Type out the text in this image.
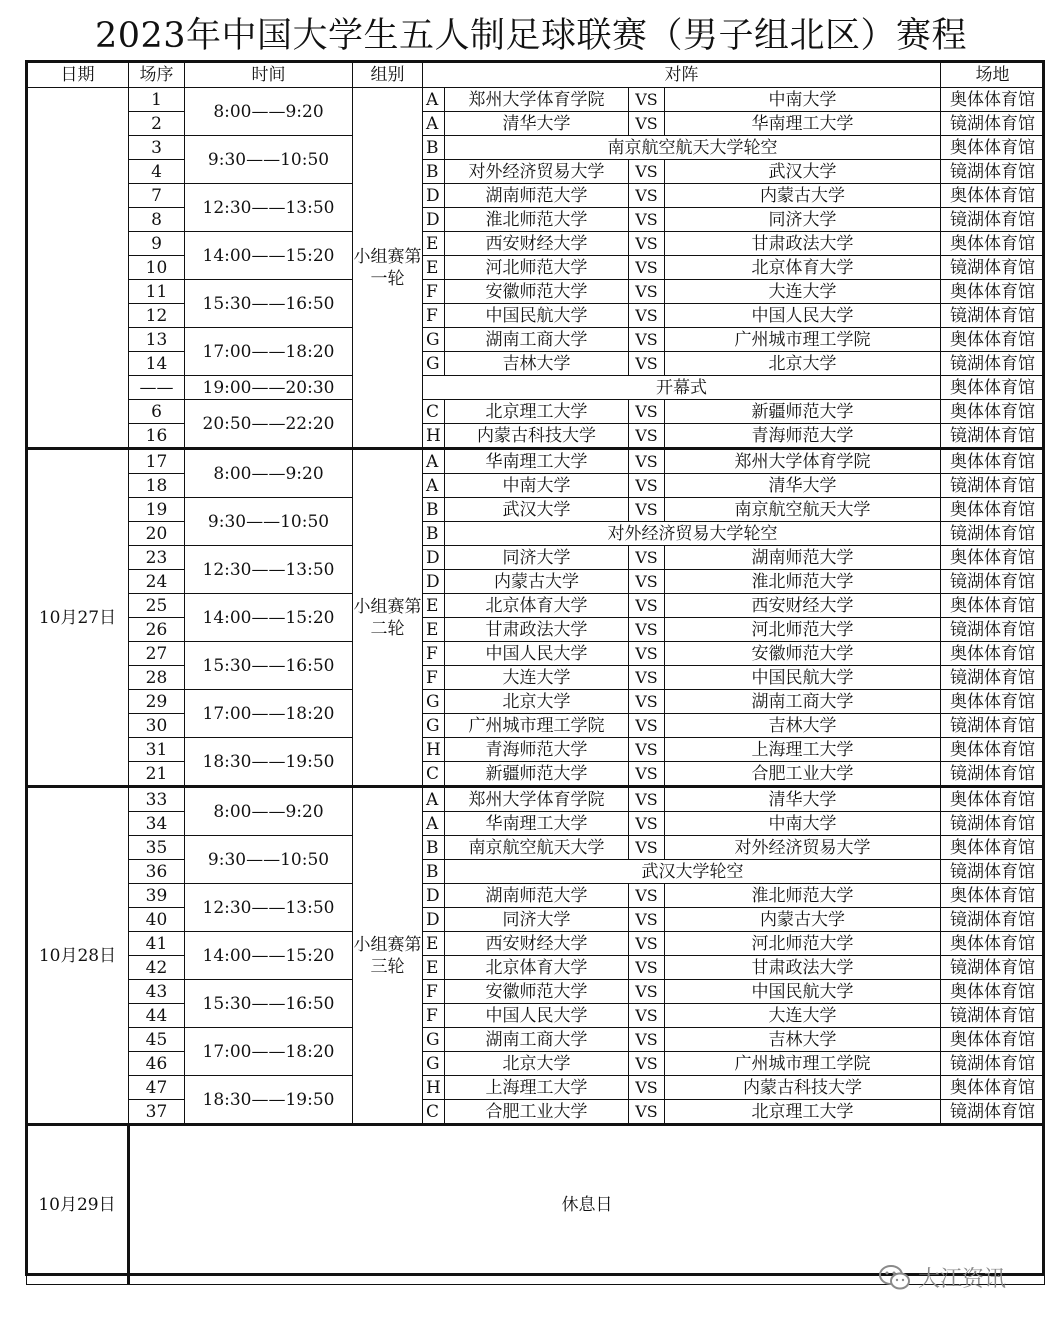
2023年中国大学生五人制足球联赛（男子组北区）赛程
日期	场序	时间	组别	对阵				场地
	1	8:00——9:20	小组赛第一轮	A	郑州大学体育学院	VS	中南大学	奥体体育馆
	2			A	清华大学	VS	华南理工大学	镜湖体育馆
	3	9:30——10:50		B	南京航空航天大学轮空			奥体体育馆
	4			B	对外经济贸易大学	VS	武汉大学	镜湖体育馆
	7	12:30——13:50		D	湖南师范大学	VS	内蒙古大学	奥体体育馆
	8			D	淮北师范大学	VS	同济大学	镜湖体育馆
	9	14:00——15:20		E	西安财经大学	VS	甘肃政法大学	奥体体育馆
	10			E	河北师范大学	VS	北京体育大学	镜湖体育馆
	11	15:30——16:50		F	安徽师范大学	VS	大连大学	奥体体育馆
	12			F	中国民航大学	VS	中国人民大学	镜湖体育馆
	13	17:00——18:20		G	湖南工商大学	VS	广州城市理工学院	奥体体育馆
	14			G	吉林大学	VS	北京大学	镜湖体育馆
	——	19:00——20:30		开幕式				奥体体育馆
	6	20:50——22:20		C	北京理工大学	VS	新疆师范大学	奥体体育馆
	16			H	内蒙古科技大学	VS	青海师范大学	镜湖体育馆
10月27日	17	8:00——9:20	小组赛第二轮	A	华南理工大学	VS	郑州大学体育学院	奥体体育馆
	18			A	中南大学	VS	清华大学	镜湖体育馆
	19	9:30——10:50		B	武汉大学	VS	南京航空航天大学	奥体体育馆
	20			B	对外经济贸易大学轮空			镜湖体育馆
	23	12:30——13:50		D	同济大学	VS	湖南师范大学	奥体体育馆
	24			D	内蒙古大学	VS	淮北师范大学	镜湖体育馆
	25	14:00——15:20		E	北京体育大学	VS	西安财经大学	奥体体育馆
	26			E	甘肃政法大学	VS	河北师范大学	镜湖体育馆
	27	15:30——16:50		F	中国人民大学	VS	安徽师范大学	奥体体育馆
	28			F	大连大学	VS	中国民航大学	镜湖体育馆
	29	17:00——18:20		G	北京大学	VS	湖南工商大学	奥体体育馆
	30			G	广州城市理工学院	VS	吉林大学	镜湖体育馆
	31	18:30——19:50		H	青海师范大学	VS	上海理工大学	奥体体育馆
	21			C	新疆师范大学	VS	合肥工业大学	镜湖体育馆
10月28日	33	8:00——9:20	小组赛第三轮	A	郑州大学体育学院	VS	清华大学	奥体体育馆
	34			A	华南理工大学	VS	中南大学	镜湖体育馆
	35	9:30——10:50		B	南京航空航天大学	VS	对外经济贸易大学	奥体体育馆
	36			B	武汉大学轮空			镜湖体育馆
	39	12:30——13:50		D	湖南师范大学	VS	淮北师范大学	奥体体育馆
	40			D	同济大学	VS	内蒙古大学	镜湖体育馆
	41	14:00——15:20		E	西安财经大学	VS	河北师范大学	奥体体育馆
	42			E	北京体育大学	VS	甘肃政法大学	镜湖体育馆
	43	15:30——16:50		F	安徽师范大学	VS	中国民航大学	奥体体育馆
	44			F	中国人民大学	VS	大连大学	镜湖体育馆
	45	17:00——18:20		G	湖南工商大学	VS	吉林大学	奥体体育馆
	46			G	北京大学	VS	广州城市理工学院	镜湖体育馆
	47	18:30——19:50		H	上海理工大学	VS	内蒙古科技大学	奥体体育馆
	37			C	合肥工业大学	VS	北京理工大学	镜湖体育馆
10月29日	休息日							
大江资讯
